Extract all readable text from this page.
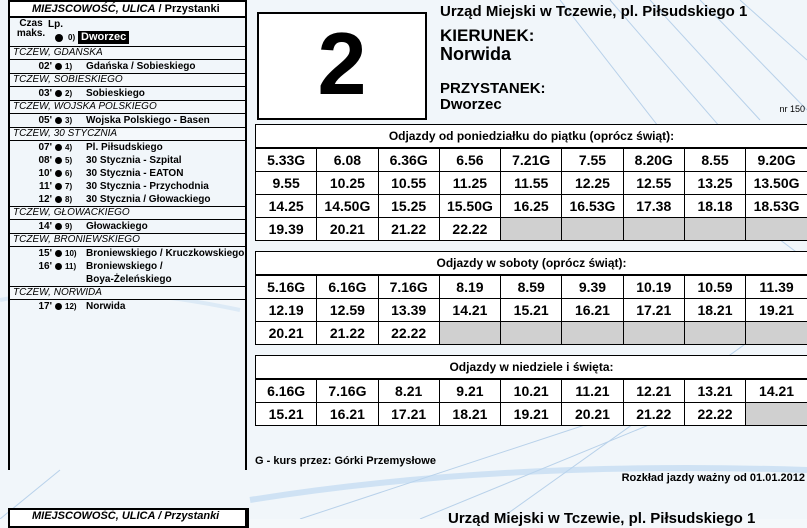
MIEJSCOWOŚĆ, ULICA / Przystanki
Czas
maks.
Lp.
0) Dworzec
TCZEW, GDAŃSKA
02' 1) Gdańska / Sobieskiego
TCZEW, SOBIESKIEGO
03' 2) Sobieskiego
TCZEW, WOJSKA POLSKIEGO
05' 3) Wojska Polskiego - Basen
TCZEW, 30 STYCZNIA
07' 4) Pl. Piłsudskiego
08' 5) 30 Stycznia - Szpital
10' 6) 30 Stycznia - EATON
11' 7) 30 Stycznia - Przychodnia
12' 8) 30 Stycznia / Głowackiego
TCZEW, GŁOWACKIEGO
14' 9) Głowackiego
TCZEW, BRONIEWSKIEGO
15' 10) Broniewskiego / Kruczkowskiego
16' 11) Broniewskiego /
Boya-Żeleńskiego
TCZEW, NORWIDA
17' 12) Norwida
2
Urząd Miejski w Tczewie, pl. Piłsudskiego 1
KIERUNEK:
Norwida
PRZYSTANEK:
Dworzec	nr 150
Odjazdy od poniedziałku do piątku (oprócz świąt):
5.33G	6.08	6.36G	6.56	7.21G	7.55	8.20G	8.55	9.20G
9.55	10.25	10.55	11.25	11.55	12.25	12.55	13.25	13.50G
14.25	14.50G	15.25	15.50G	16.25	16.53G	17.38	18.18	18.53G
19.39	20.21	21.22	22.22					
Odjazdy w soboty (oprócz świąt):
5.16G	6.16G	7.16G	8.19	8.59	9.39	10.19	10.59	11.39
12.19	12.59	13.39	14.21	15.21	16.21	17.21	18.21	19.21
20.21	21.22	22.22						
Odjazdy w niedziele i święta:
6.16G	7.16G	8.21	9.21	10.21	11.21	12.21	13.21	14.21
15.21	16.21	17.21	18.21	19.21	20.21	21.22	22.22	
G - kurs przez: Górki Przemysłowe
Rozkład jazdy ważny od 01.01.2012
MIEJSCOWOŚĆ, ULICA / Przystanki	Urząd Miejski w Tczewie, pl. Piłsudskiego 1
